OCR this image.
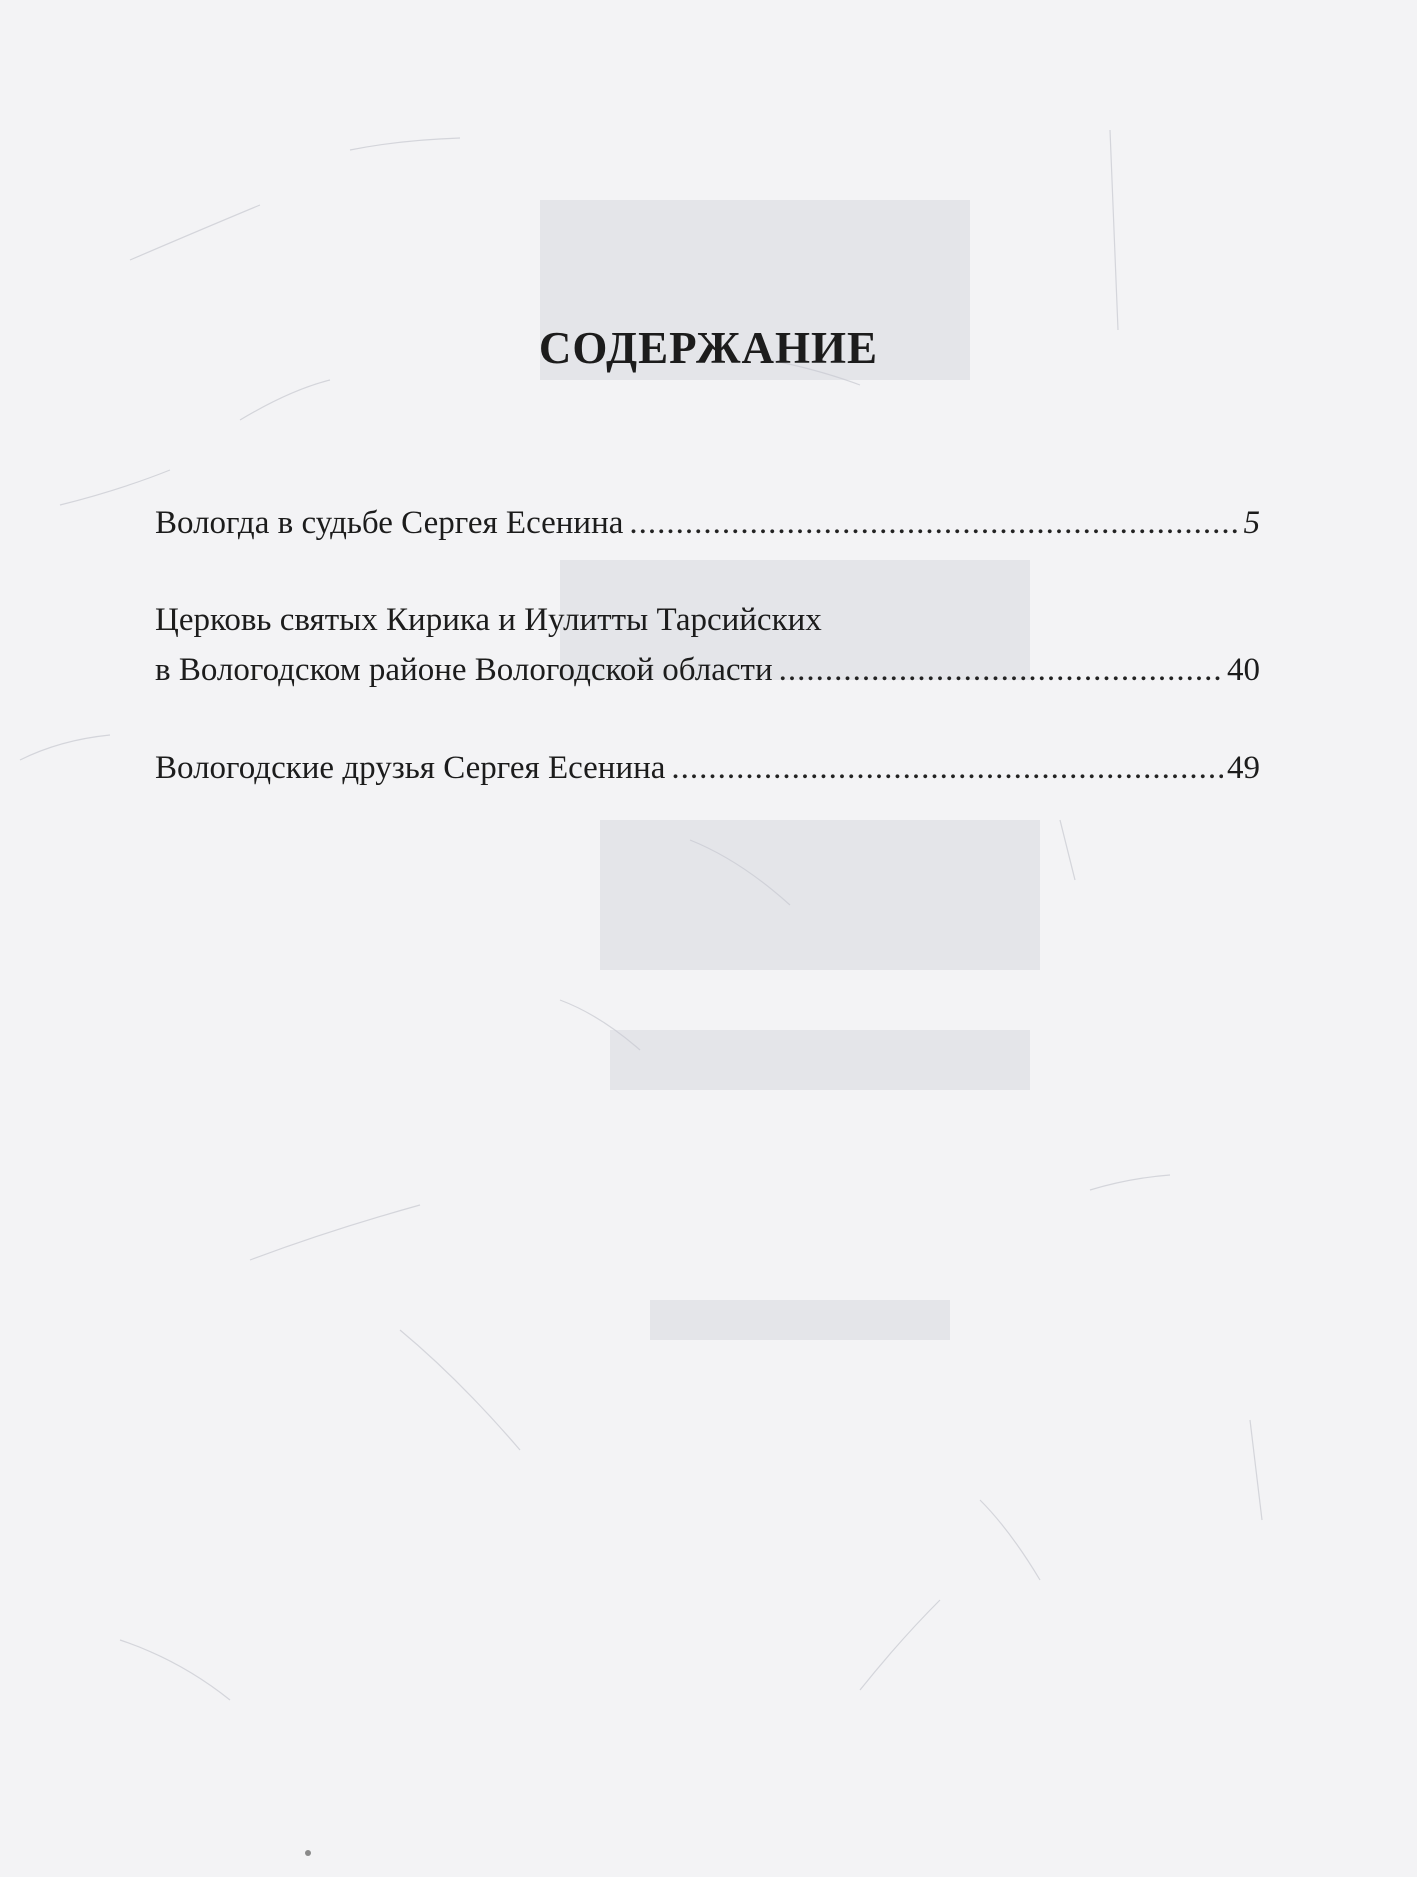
СОДЕРЖАНИЕ
Вологда в судьбе Сергея Есенина .....	5
Церковь святых Кирика и Иулитты Тарсийских
в Вологодском районе Вологодской области .....	40
Вологодские друзья Сергея Есенина .....	49
